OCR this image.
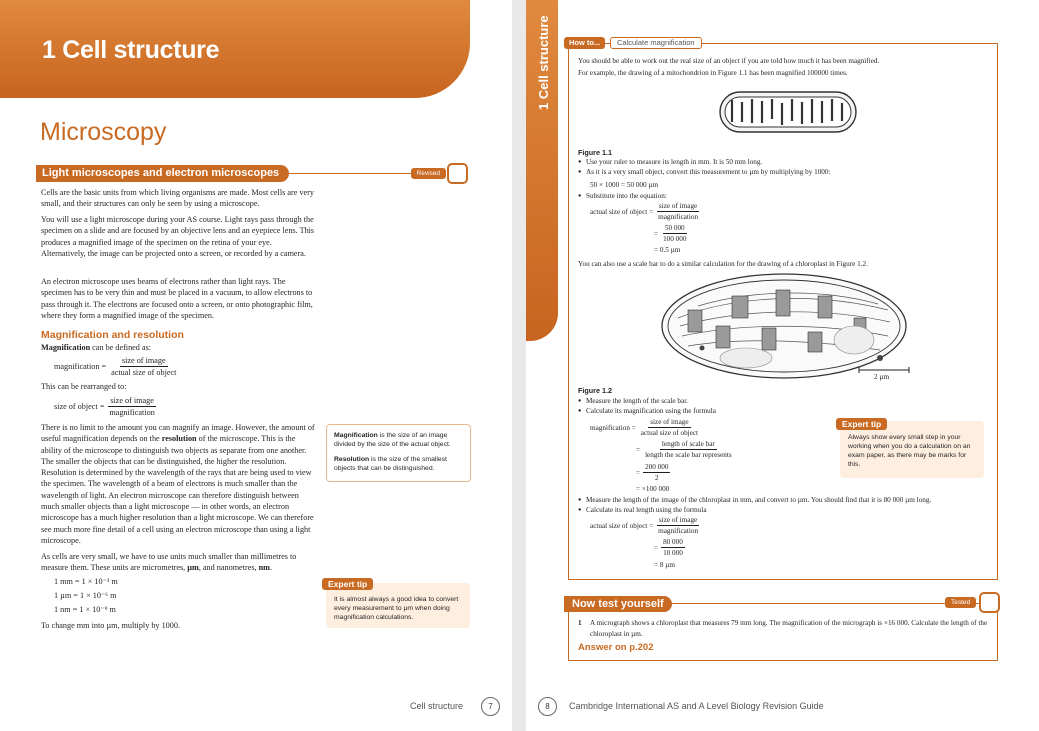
1 Cell structure
Microscopy
Light microscopes and electron microscopes	Revised
Cells are the basic units from which living organisms are made. Most cells are very small, and their structures can only be seen by using a microscope.
You will use a light microscope during your AS course. Light rays pass through the specimen on a slide and are focused by an objective lens and an eyepiece lens. This produces a magnified image of the specimen on the retina of your eye. Alternatively, the image can be projected onto a screen, or recorded by a camera.
An electron microscope uses beams of electrons rather than light rays. The specimen has to be very thin and must be placed in a vacuum, to allow electrons to pass through it. The electrons are focused onto a screen, or onto photographic film, where they form a magnified image of the specimen.
Magnification and resolution
Magnification can be defined as:
magnification = $\frac{\text{size of image}}{\text{actual size of object}}$
This can be rearranged to:
size of object = $\frac{\text{size of image}}{\text{magnification}}$
There is no limit to the amount you can magnify an image. However, the amount of useful magnification depends on the resolution of the microscope. This is the ability of the microscope to distinguish two objects as separate from one another. The smaller the objects that can be distinguished, the higher the resolution. Resolution is determined by the wavelength of the rays that are being used to view the specimen. The wavelength of a beam of electrons is much smaller than the wavelength of light. An electron microscope can therefore distinguish between much smaller objects than a light microscope — in other words, an electron microscope has a much higher resolution than a light microscope. We can therefore see much more fine detail of a cell using an electron microscope than using a light microscope.
As cells are very small, we have to use units much smaller than millimetres to measure them. These units are micrometres, µm, and nanometres, nm.
1 mm = 1 × 10⁻³ m
1 µm = 1 × 10⁻⁶ m
1 nm = 1 × 10⁻⁹ m
To change mm into µm, multiply by 1000.
Magnification is the size of an image divided by the size of the actual object.
Resolution is the size of the smallest objects that can be distinguished.
It is almost always a good idea to convert every measurement to µm when doing magnification calculations.
Expert tip
Cell structure	7
1 Cell structure	How to...	Calculate magnification
You should be able to work out the real size of an object if you are told how much it has been magnified.
For example, the drawing of a mitochondrion in Figure 1.1 has been magnified 100000 times.
Figure 1.1
● Use your ruler to measure its length in mm. It is 50 mm long.
● As it is a very small object, convert this measurement to µm by multiplying by 1000:
50 × 1000 = 50 000 µm
● Substitute into the equation:
actual size of object = $\frac{\text{size of image}}{\text{magnification}}$
= $\frac{50 000}{100 000}$
= 0.5 µm
You can also use a scale bar to do a similar calculation for the drawing of a chloroplast in Figure 1.2.
2 µm
Figure 1.2
● Measure the length of the scale bar.
● Calculate its magnification using the formula
magnification = $\frac{\text{size of image}}{\text{actual size of object}}$
= $\frac{\text{length of scale bar}}{\text{length the scale bar represents}}$
= $\frac{200 000}{2}$
= ×100 000
● Measure the length of the image of the chloroplast in mm, and convert to µm. You should find that it is 80 000 µm long.
● Calculate its real length using the formula
actual size of object = $\frac{\text{size of image}}{\text{magnification}}$
= $\frac{80 000}{10 000}$
= 8 µm
Always show every small step in your working when you do a calculation on an exam paper, as there may be marks for this.
Expert tip
Now test yourself	Tested
1 A micrograph shows a chloroplast that measures 79 mm long. The magnification of the micrograph is ×16 000. Calculate the length of the chloroplast in µm.
Answer on p.202
8	Cambridge International AS and A Level Biology Revision Guide
